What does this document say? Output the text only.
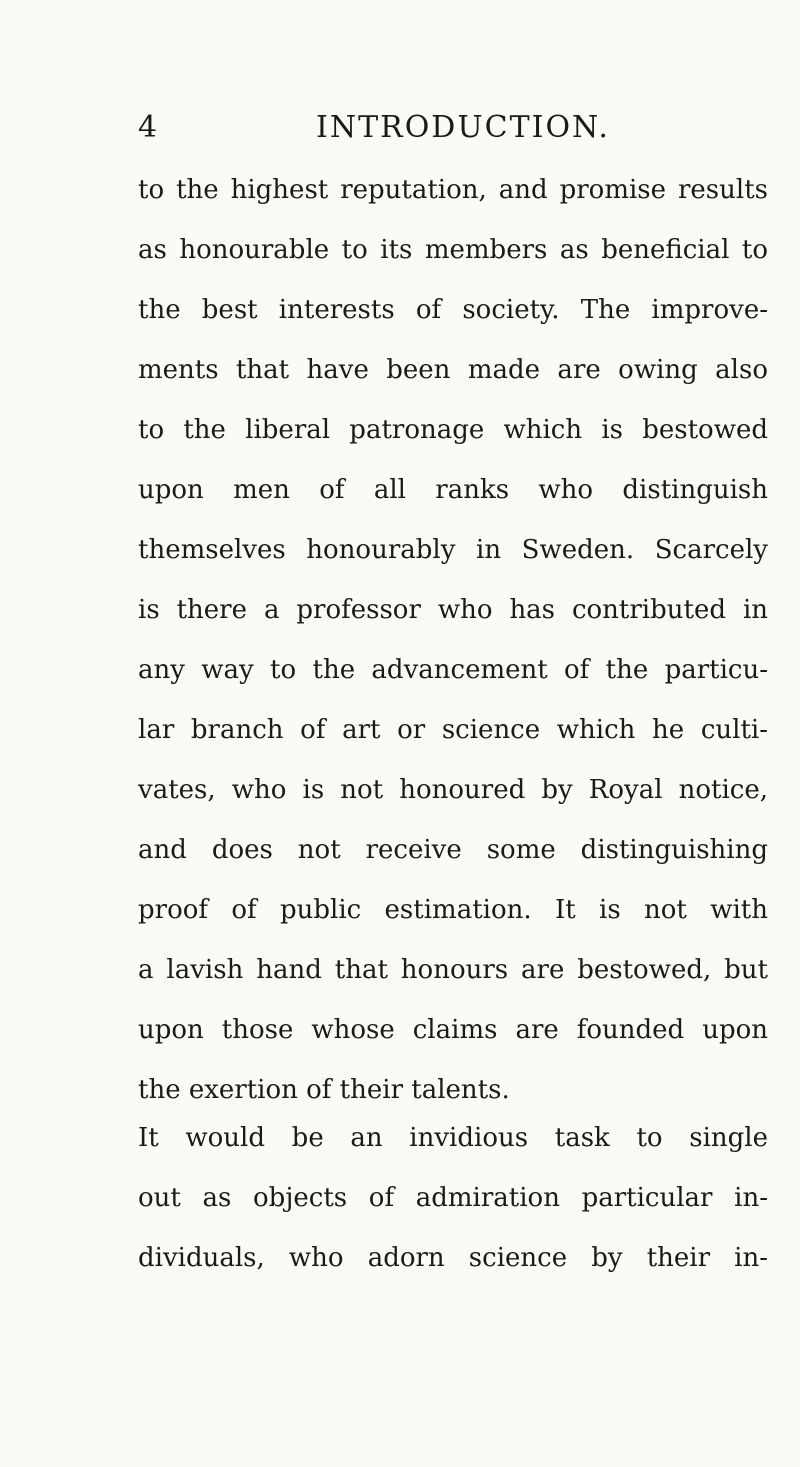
4	INTRODUCTION.
to the highest reputation, and promise results
as honourable to its members as beneficial to
the best interests of society. The improve-
ments that have been made are owing also
to the liberal patronage which is bestowed
upon men of all ranks who distinguish
themselves honourably in Sweden. Scarcely
is there a professor who has contributed in
any way to the advancement of the particu-
lar branch of art or science which he culti-
vates, who is not honoured by Royal notice,
and does not receive some distinguishing
proof of public estimation. It is not with
a lavish hand that honours are bestowed, but
upon those whose claims are founded upon
the exertion of their talents.
It would be an invidious task to single
out as objects of admiration particular in-
dividuals, who adorn science by their in-
